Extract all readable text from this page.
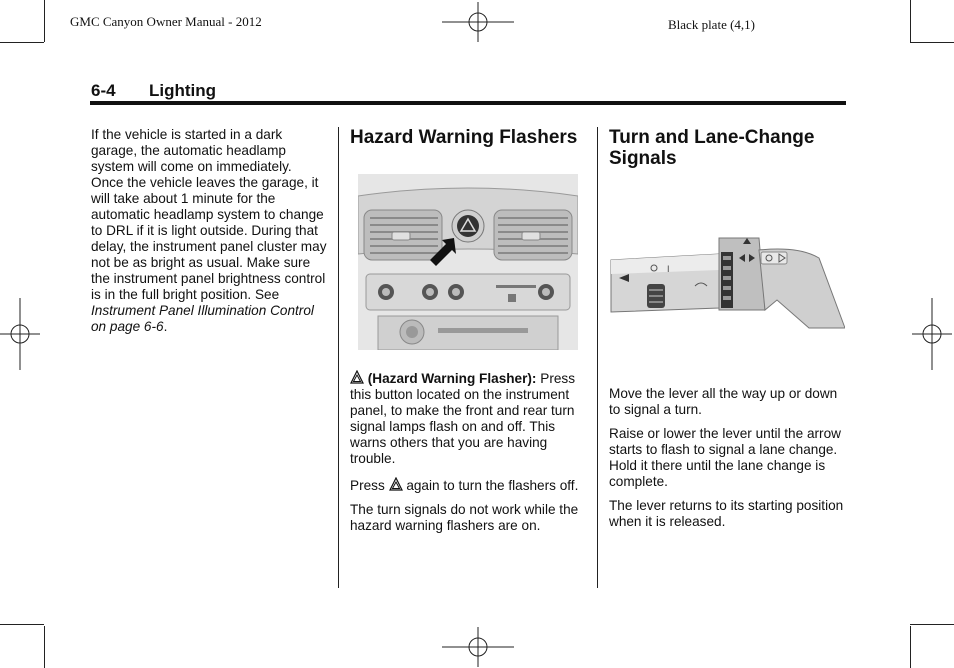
GMC Canyon Owner Manual - 2012	Black plate (4,1)
6-4 Lighting

If the vehicle is started in a dark garage, the automatic headlamp system will come on immediately. Once the vehicle leaves the garage, it will take about 1 minute for the automatic headlamp system to change to DRL if it is light outside. During that delay, the instrument panel cluster may not be as bright as usual. Make sure the instrument panel brightness control is in the full bright position. See Instrument Panel Illumination Control on page 6-6.

Hazard Warning Flashers

(Hazard Warning Flasher): Press this button located on the instrument panel, to make the front and rear turn signal lamps flash on and off. This warns others that you are having trouble.

Press again to turn the flashers off.

The turn signals do not work while the hazard warning flashers are on.

Turn and Lane-Change Signals
I

Move the lever all the way up or down to signal a turn.

Raise or lower the lever until the arrow starts to flash to signal a lane change. Hold it there until the lane change is complete.

The lever returns to its starting position when it is released.
